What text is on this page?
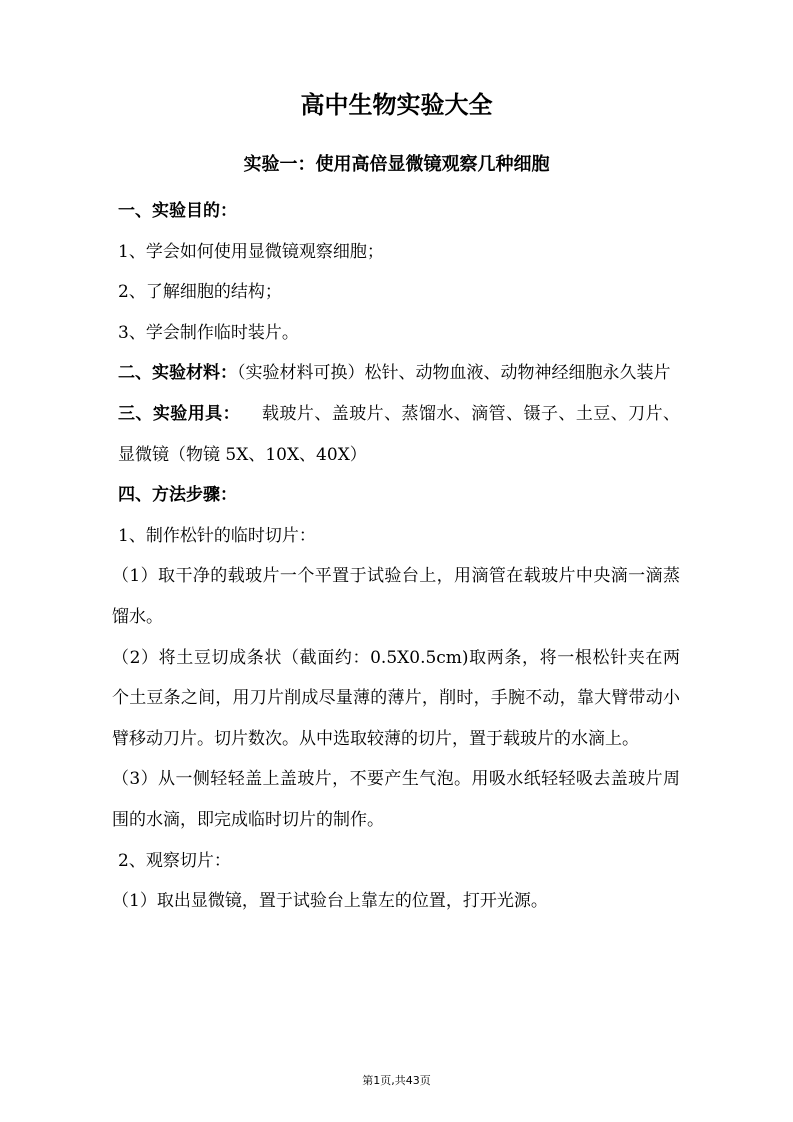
高中生物实验大全
实验一：使用高倍显微镜观察几种细胞

一、实验目的：

1、学会如何使用显微镜观察细胞；

2、了解细胞的结构；

3、学会制作临时装片。

二、实验材料：（实验材料可换）松针、动物血液、动物神经细胞永久装片

三、实验用具： 载玻片、盖玻片、蒸馏水、滴管、镊子、土豆、刀片、显微镜（物镜 5X、10X、40X）

四、方法步骤：

1、制作松针的临时切片：

（1）取干净的载玻片一个平置于试验台上，用滴管在载玻片中央滴一滴蒸馏水。

（2）将土豆切成条状（截面约：0.5X0.5cm)取两条，将一根松针夹在两个土豆条之间，用刀片削成尽量薄的薄片，削时，手腕不动，靠大臂带动小臂移动刀片。切片数次。从中选取较薄的切片，置于载玻片的水滴上。

（3）从一侧轻轻盖上盖玻片，不要产生气泡。用吸水纸轻轻吸去盖玻片周围的水滴，即完成临时切片的制作。

2、观察切片：

（1）取出显微镜，置于试验台上靠左的位置，打开光源。

第1页,共43页
